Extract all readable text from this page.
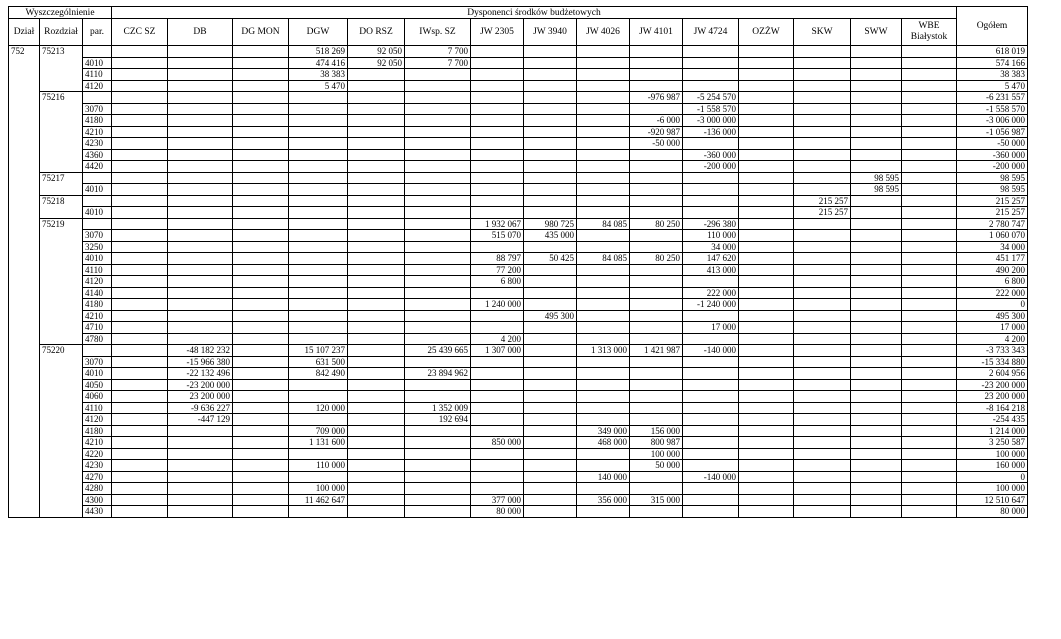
Wyszczególnienie			Dysponenci środków budżetowych															Ogółem
Dział	Rozdział	par.	CZC SZ	DB	DG MON	DGW	DO RSZ	IWsp. SZ	JW 2305	JW 3940	JW 4026	JW 4101	JW 4724	OZŻW	SKW	SWW	WBE Białystok	
752	75213					518 269	92 050	7 700										618 019
		4010				474 416	92 050	7 700										574 166
		4110				38 383												38 383
		4120				5 470												5 470
	75216											-976 987	-5 254 570					-6 231 557
		3070											-1 558 570					-1 558 570
		4180										-6 000	-3 000 000					-3 006 000
		4210										-920 987	-136 000					-1 056 987
		4230										-50 000						-50 000
		4360											-360 000					-360 000
		4420											-200 000					-200 000
	75217															98 595		98 595
		4010														98 595		98 595
	75218														215 257			215 257
		4010													215 257			215 257
	75219								1 932 067	980 725	84 085	80 250	-296 380					2 780 747
		3070							515 070	435 000			110 000					1 060 070
		3250											34 000					34 000
		4010							88 797	50 425	84 085	80 250	147 620					451 177
		4110							77 200				413 000					490 200
		4120							6 800									6 800
		4140											222 000					222 000
		4180							1 240 000				-1 240 000					0
		4210								495 300								495 300
		4710											17 000					17 000
		4780							4 200									4 200
	75220			-48 182 232		15 107 237		25 439 665	1 307 000		1 313 000	1 421 987	-140 000					-3 733 343
		3070		-15 966 380		631 500												-15 334 880
		4010		-22 132 496		842 490		23 894 962										2 604 956
		4050		-23 200 000														-23 200 000
		4060		23 200 000														23 200 000
		4110		-9 636 227		120 000		1 352 009										-8 164 218
		4120		-447 129				192 694										-254 435
		4180				709 000					349 000	156 000						1 214 000
		4210				1 131 600			850 000		468 000	800 987						3 250 587
		4220										100 000						100 000
		4230				110 000						50 000						160 000
		4270									140 000		-140 000					0
		4280				100 000												100 000
		4300				11 462 647			377 000		356 000	315 000						12 510 647
		4430							80 000									80 000
